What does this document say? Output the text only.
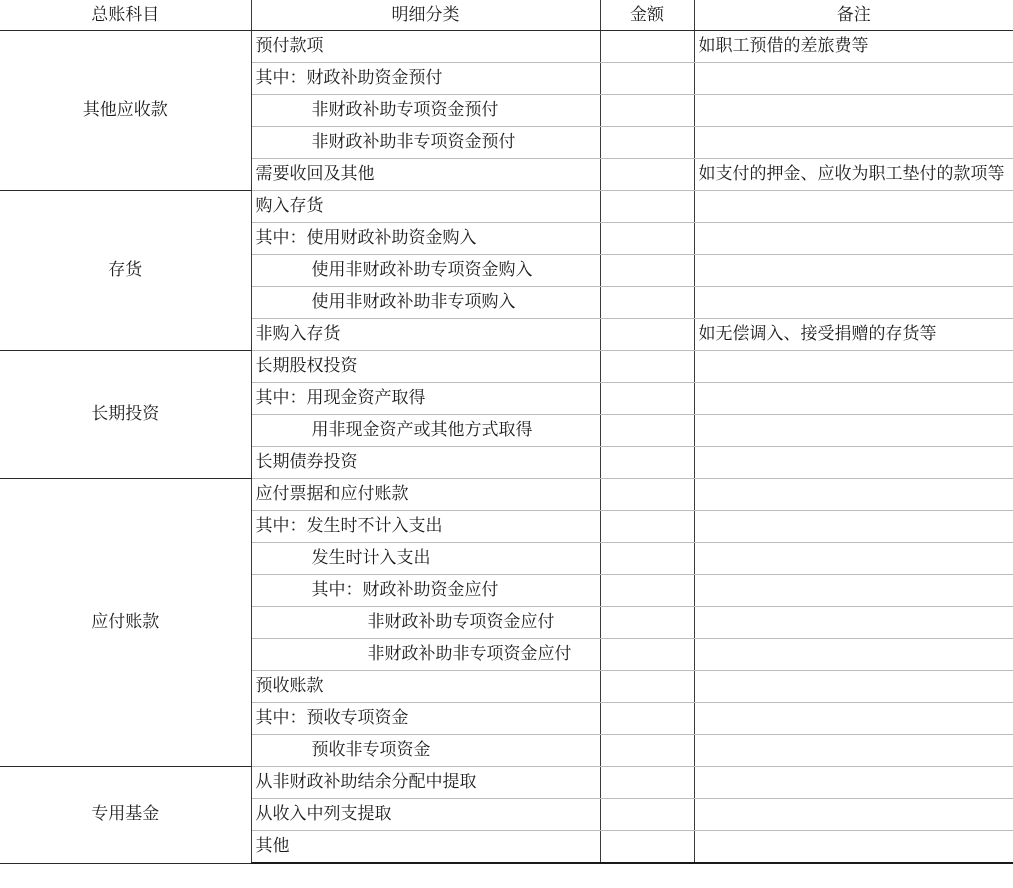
总账科目	明细分类	金额	备注
其他应收款	预付款项		如职工预借的差旅费等
	其中：财政补助资金预付		
	非财政补助专项资金预付		
	非财政补助非专项资金预付		
	需要收回及其他		如支付的押金、应收为职工垫付的款项等
存货	购入存货		
	其中：使用财政补助资金购入		
	使用非财政补助专项资金购入		
	使用非财政补助非专项购入		
	非购入存货		如无偿调入、接受捐赠的存货等
长期投资	长期股权投资		
	其中：用现金资产取得		
	用非现金资产或其他方式取得		
	长期债券投资		
应付账款	应付票据和应付账款		
	其中：发生时不计入支出		
	发生时计入支出		
	其中：财政补助资金应付		
	非财政补助专项资金应付		
	非财政补助非专项资金应付		
	预收账款		
	其中：预收专项资金		
	预收非专项资金		
专用基金	从非财政补助结余分配中提取		
	从收入中列支提取		
	其他		
